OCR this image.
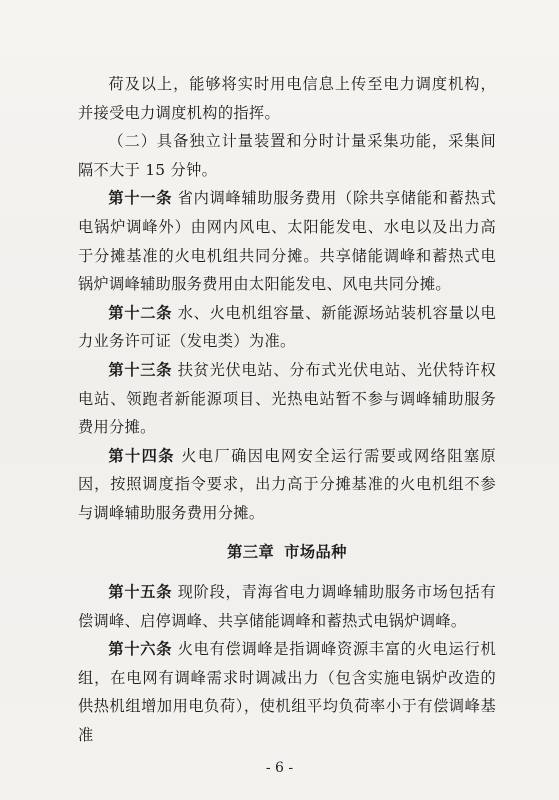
荷及以上，能够将实时用电信息上传至电力调度机构，并接受电力调度机构的指挥。

（二）具备独立计量装置和分时计量采集功能，采集间隔不大于 15 分钟。

第十一条 省内调峰辅助服务费用（除共享储能和蓄热式电锅炉调峰外）由网内风电、太阳能发电、水电以及出力高于分摊基准的火电机组共同分摊。共享储能调峰和蓄热式电锅炉调峰辅助服务费用由太阳能发电、风电共同分摊。

第十二条 水、火电机组容量、新能源场站装机容量以电力业务许可证（发电类）为准。

第十三条 扶贫光伏电站、分布式光伏电站、光伏特许权电站、领跑者新能源项目、光热电站暂不参与调峰辅助服务费用分摊。

第十四条 火电厂确因电网安全运行需要或网络阻塞原因，按照调度指令要求，出力高于分摊基准的火电机组不参与调峰辅助服务费用分摊。

第三章 市场品种

第十五条 现阶段，青海省电力调峰辅助服务市场包括有偿调峰、启停调峰、共享储能调峰和蓄热式电锅炉调峰。

第十六条 火电有偿调峰是指调峰资源丰富的火电运行机组，在电网有调峰需求时调减出力（包含实施电锅炉改造的供热机组增加用电负荷），使机组平均负荷率小于有偿调峰基准

- 6 -
